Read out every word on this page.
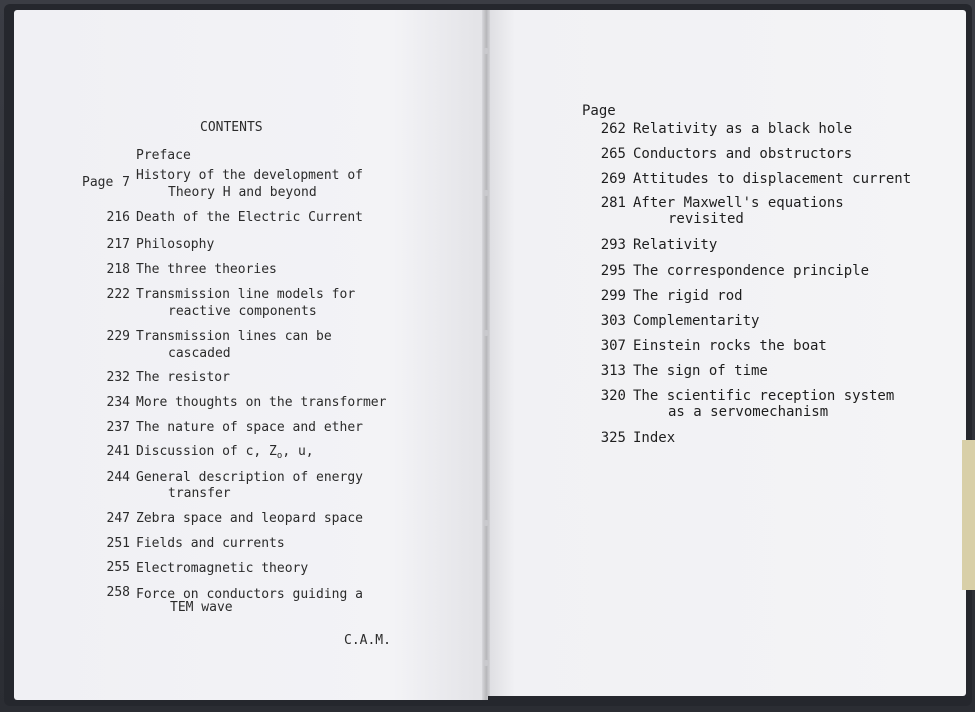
CONTENTS
Preface
Page 7 History of the development of
Theory H and beyond
216 Death of the Electric Current
217 Philosophy
218 The three theories
222 Transmission line models for
reactive components
229 Transmission lines can be
cascaded
232 The resistor
234 More thoughts on the transformer
237 The nature of space and ether
241 Discussion of c, $Z_o$, u,
244 General description of energy
transfer
247 Zebra space and leopard space
251 Fields and currents
255 Electromagnetic theory
258 Force on conductors guiding a
TEM wave
C.A.M.
Page
262 Relativity as a black hole
265 Conductors and obstructors
269 Attitudes to displacement current
281 After Maxwell's equations
revisited
293 Relativity
295 The correspondence principle
299 The rigid rod
303 Complementarity
307 Einstein rocks the boat
313 The sign of time
320 The scientific reception system
as a servomechanism
325 Index
